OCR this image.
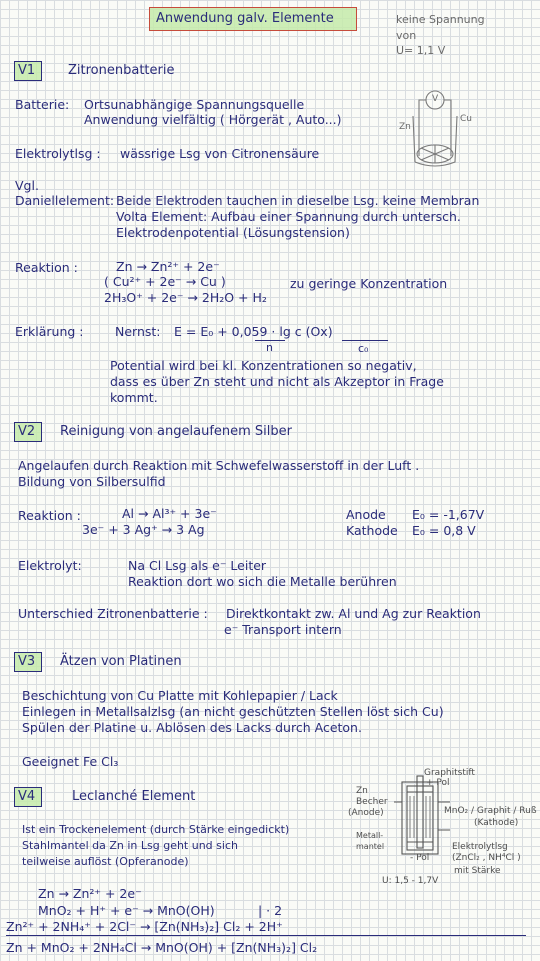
Anwendung galv. Elemente	keine Spannung
von
U= 1,1 V
V1	Zitronenbatterie
Batterie: Ortsunabhängige Spannungsquelle
Anwendung vielfältig ( Hörgerät , Auto...)
V
Zn
Cu
Elektrolytlsg : wässrige Lsg von Citronensäure
Vgl.
Daniellelement: Beide Elektroden tauchen in dieselbe Lsg. keine Membran
Volta Element: Aufbau einer Spannung durch untersch.
Elektrodenpotential (Lösungstension)
Reaktion :	Zn → Zn²⁺ + 2e⁻
( Cu²⁺ + 2e⁻ → Cu )
2H₃O⁺ + 2e⁻ → 2H₂O + H₂
zu geringe Konzentration
Erklärung :	Nernst: E = E₀ + 0,059 · lg c (Ox)
n	c₀
Potential wird bei kl. Konzentrationen so negativ,
dass es über Zn steht und nicht als Akzeptor in Frage
kommt.
V2 Reinigung von angelaufenem Silber
Angelaufen durch Reaktion mit Schwefelwasserstoff in der Luft .
Bildung von Silbersulfid
Reaktion :	Al → Al³⁺ + 3e⁻
3e⁻ + 3 Ag⁺ → 3 Ag
Anode E₀ = -1,67V
Kathode E₀ = 0,8 V
Elektrolyt:	Na Cl Lsg als e⁻ Leiter
Reaktion dort wo sich die Metalle berühren
Unterschied Zitronenbatterie : Direktkontakt zw. Al und Ag zur Reaktion
e⁻ Transport intern
V3 Ätzen von Platinen
Beschichtung von Cu Platte mit Kohlepapier / Lack
Einlegen in Metallsalzlsg (an nicht geschützten Stellen löst sich Cu)
Spülen der Platine u. Ablösen des Lacks durch Aceton.
Geeignet Fe Cl₃
V4	Leclanché Element
Ist ein Trockenelement (durch Stärke eingedickt)
Stahlmantel da Zn in Lsg geht und sich
teilweise auflöst (Opferanode)
Graphitstift
+ Pol
Zn Becher
(Anode)	MnO₂ / Graphit / Ruß
(Kathode)
Metall- mantel	Elektrolytlsg
(ZnCl₂ , NH⁴Cl )
mit Stärke
- Pol
U: 1,5 - 1,7V
Zn → Zn²⁺ + 2e⁻
MnO₂ + H⁺ + e⁻ → MnO(OH)	| · 2
Zn²⁺ + 2NH₄⁺ + 2Cl⁻ → [Zn(NH₃)₂] Cl₂ + 2H⁺
Zn + MnO₂ + 2NH₄Cl → MnO(OH) + [Zn(NH₃)₂] Cl₂
